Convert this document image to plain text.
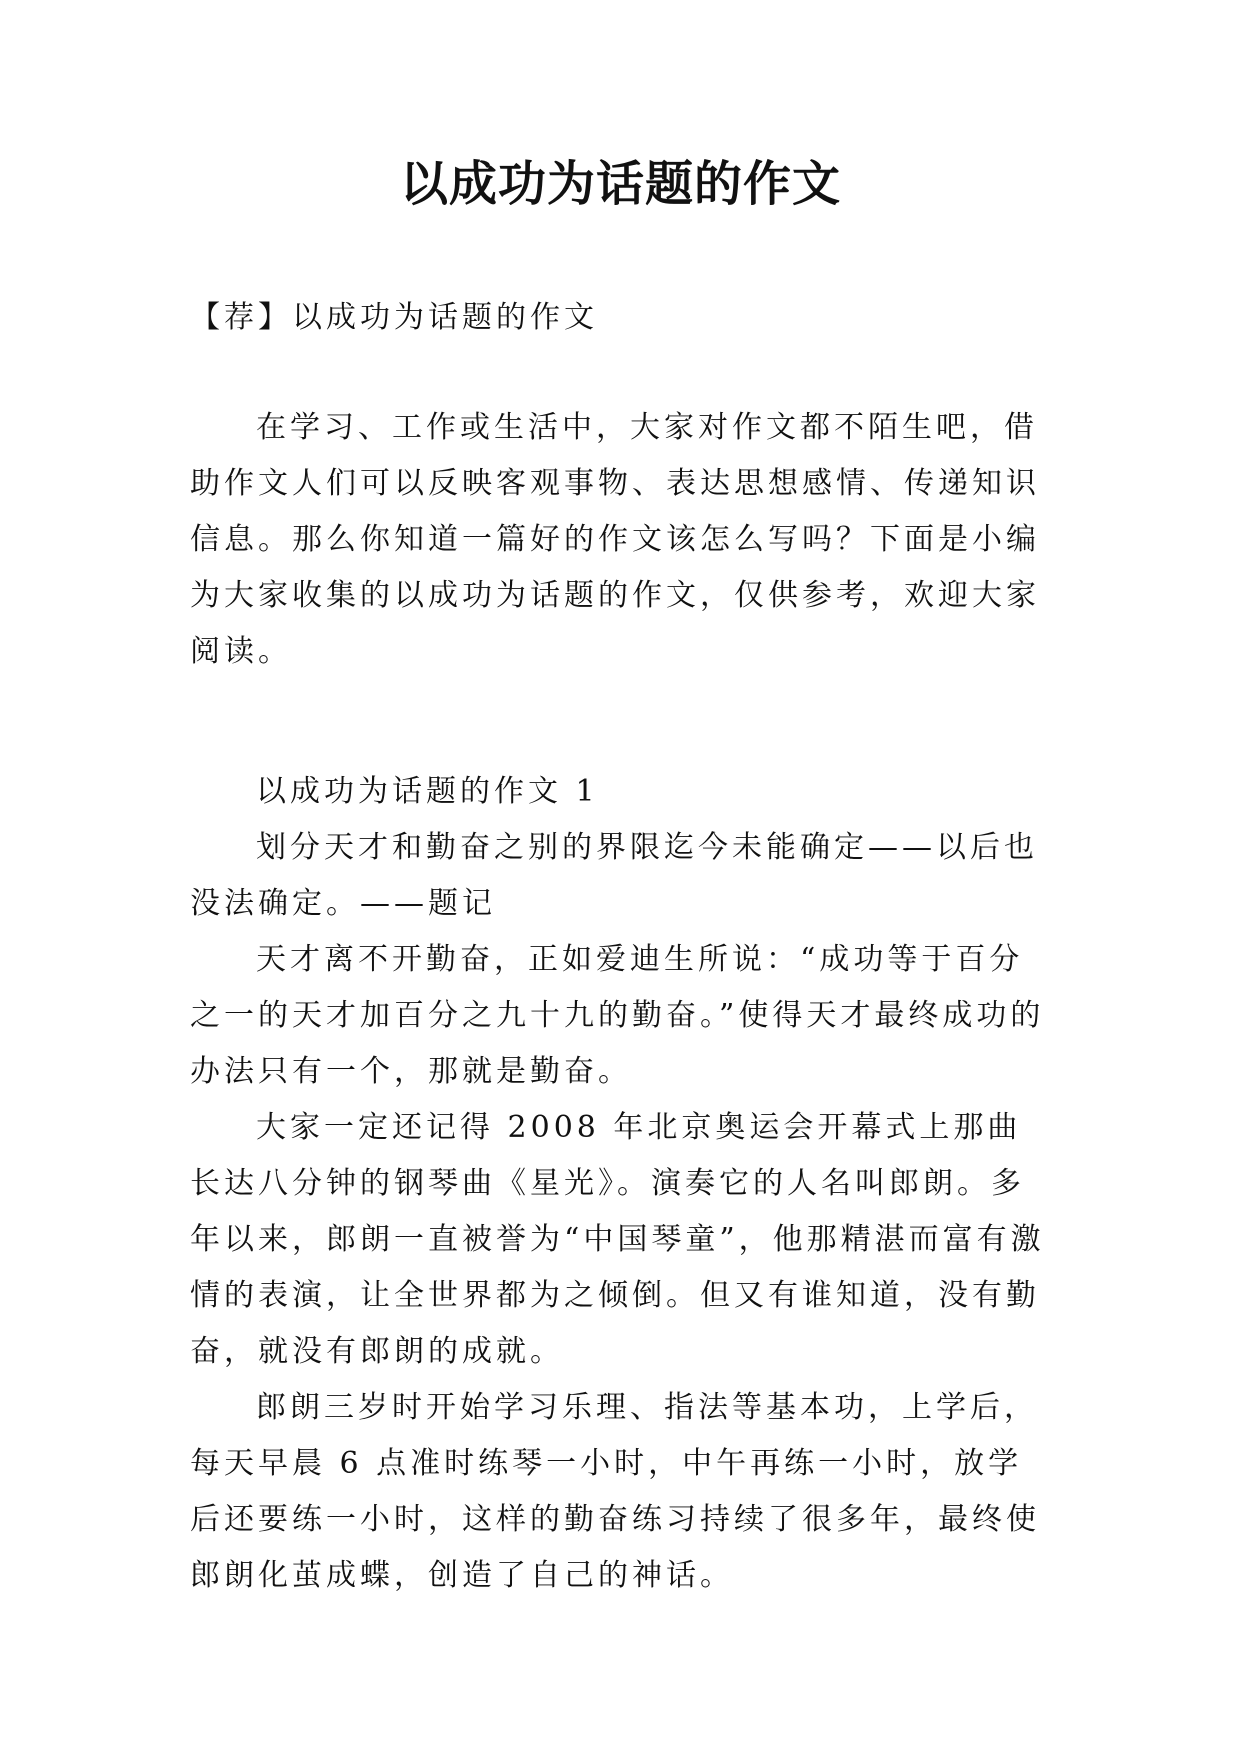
以成功为话题的作文
【荐】以成功为话题的作文

在学习、工作或生活中，大家对作文都不陌生吧，借助作文人们可以反映客观事物、表达思想感情、传递知识信息。那么你知道一篇好的作文该怎么写吗？下面是小编为大家收集的以成功为话题的作文，仅供参考，欢迎大家阅读。

以成功为话题的作文 1

划分天才和勤奋之别的界限迄今未能确定——以后也没法确定。——题记

天才离不开勤奋，正如爱迪生所说：“成功等于百分之一的天才加百分之九十九的勤奋。”使得天才最终成功的办法只有一个，那就是勤奋。

大家一定还记得 2008 年北京奥运会开幕式上那曲长达八分钟的钢琴曲《星光》。演奏它的人名叫郎朗。多年以来，郎朗一直被誉为“中国琴童”，他那精湛而富有激情的表演，让全世界都为之倾倒。但又有谁知道，没有勤奋，就没有郎朗的成就。

郎朗三岁时开始学习乐理、指法等基本功，上学后，每天早晨 6 点准时练琴一小时，中午再练一小时，放学后还要练一小时，这样的勤奋练习持续了很多年，最终使郎朗化茧成蝶，创造了自己的神话。
